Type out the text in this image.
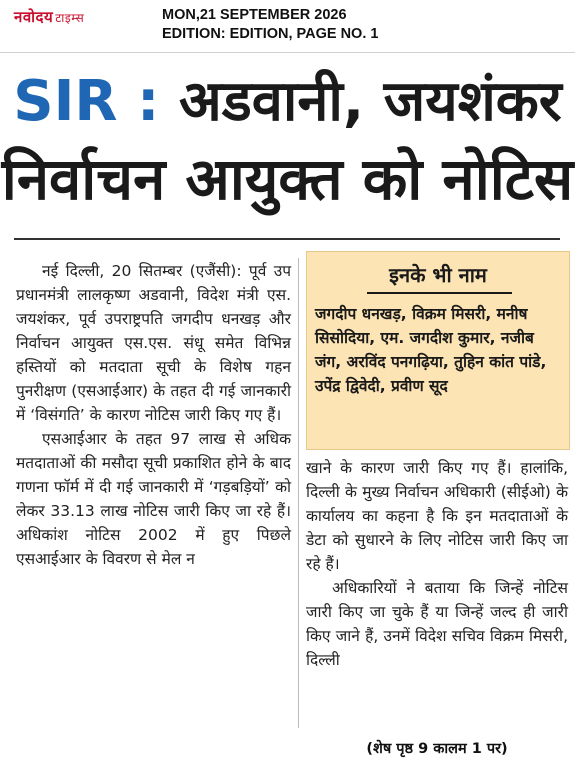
नवोदय टाइम्स	MON,21 SEPTEMBER 2026
EDITION: EDITION, PAGE NO. 1
SIR : अडवानी, जयशंकर
निर्वाचन आयुक्त को नोटिस

नई दिल्ली, 20 सितम्बर (एजैंसी): पूर्व उप प्रधानमंत्री लालकृष्ण अडवानी, विदेश मंत्री एस. जयशंकर, पूर्व उपराष्ट्रपति जगदीप धनखड़ और निर्वाचन आयुक्त एस.एस. संधू समेत विभिन्न हस्तियों को मतदाता सूची के विशेष गहन पुनरीक्षण (एसआईआर) के तहत दी गई जानकारी में ‘विसंगति’ के कारण नोटिस जारी किए गए हैं।

एसआईआर के तहत 97 लाख से अधिक मतदाताओं की मसौदा सूची प्रकाशित होने के बाद गणना फॉर्म में दी गई जानकारी में ‘गड़बड़ियों’ को लेकर 33.13 लाख नोटिस जारी किए जा रहे हैं।अधिकांश नोटिस 2002 में हुए पिछले एसआईआर के विवरण से मेल न

इनके भी नाम
जगदीप धनखड़, विक्रम मिसरी, मनीष सिसोदिया, एम. जगदीश कुमार, नजीब जंग, अरविंद पनगढ़िया, तुहिन कांत पांडे, उपेंद्र द्विवेदी, प्रवीण सूद

खाने के कारण जारी किए गए हैं। हालांकि, दिल्ली के मुख्य निर्वाचन अधिकारी (सीईओ) के कार्यालय का कहना है कि इन मतदाताओं के डेटा को सुधारने के लिए नोटिस जारी किए जा रहे हैं।

अधिकारियों ने बताया कि जिन्हें नोटिस जारी किए जा चुके हैं या जिन्हें जल्द ही जारी किए जाने हैं, उनमें विदेश सचिव विक्रम मिसरी, दिल्ली

(शेष पृष्ठ 9 कालम 1 पर)
